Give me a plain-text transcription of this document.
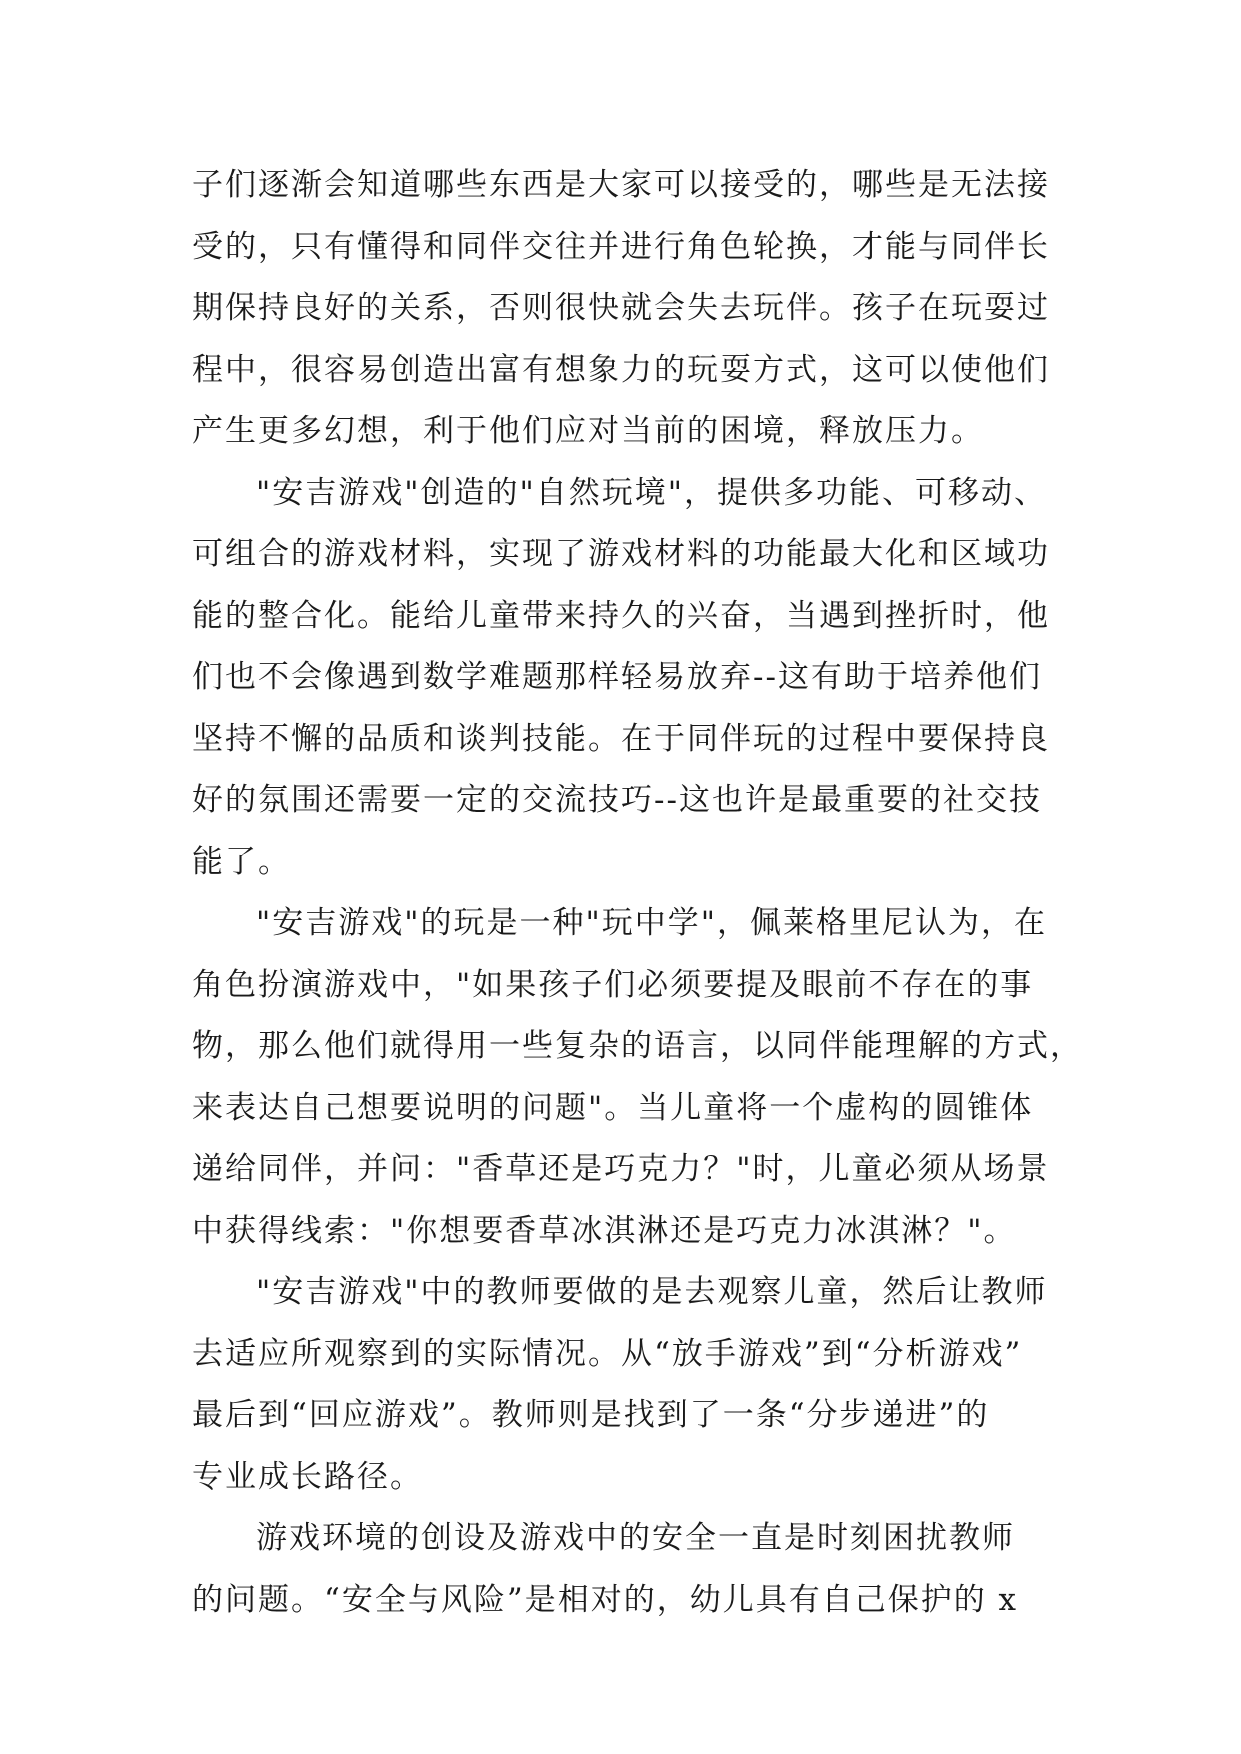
子们逐渐会知道哪些东西是大家可以接受的，哪些是无法接
受的，只有懂得和同伴交往并进行角色轮换，才能与同伴长
期保持良好的关系，否则很快就会失去玩伴。孩子在玩耍过
程中，很容易创造出富有想象力的玩耍方式，这可以使他们
产生更多幻想，利于他们应对当前的困境，释放压力。
"安吉游戏"创造的"自然玩境"，提供多功能、可移动、
可组合的游戏材料，实现了游戏材料的功能最大化和区域功
能的整合化。能给儿童带来持久的兴奋，当遇到挫折时，他
们也不会像遇到数学难题那样轻易放弃--这有助于培养他们
坚持不懈的品质和谈判技能。在于同伴玩的过程中要保持良
好的氛围还需要一定的交流技巧--这也许是最重要的社交技
能了。
"安吉游戏"的玩是一种"玩中学"，佩莱格里尼认为，在
角色扮演游戏中，"如果孩子们必须要提及眼前不存在的事
物，那么他们就得用一些复杂的语言，以同伴能理解的方式，
来表达自己想要说明的问题"。当儿童将一个虚构的圆锥体
递给同伴，并问："香草还是巧克力？"时，儿童必须从场景
中获得线索："你想要香草冰淇淋还是巧克力冰淇淋？"。
"安吉游戏"中的教师要做的是去观察儿童，然后让教师
去适应所观察到的实际情况。从“放手游戏”到“分析游戏”
最后到“回应游戏”。教师则是找到了一条“分步递进”的
专业成长路径。
游戏环境的创设及游戏中的安全一直是时刻困扰教师
的问题。“安全与风险”是相对的，幼儿具有自己保护的 x
